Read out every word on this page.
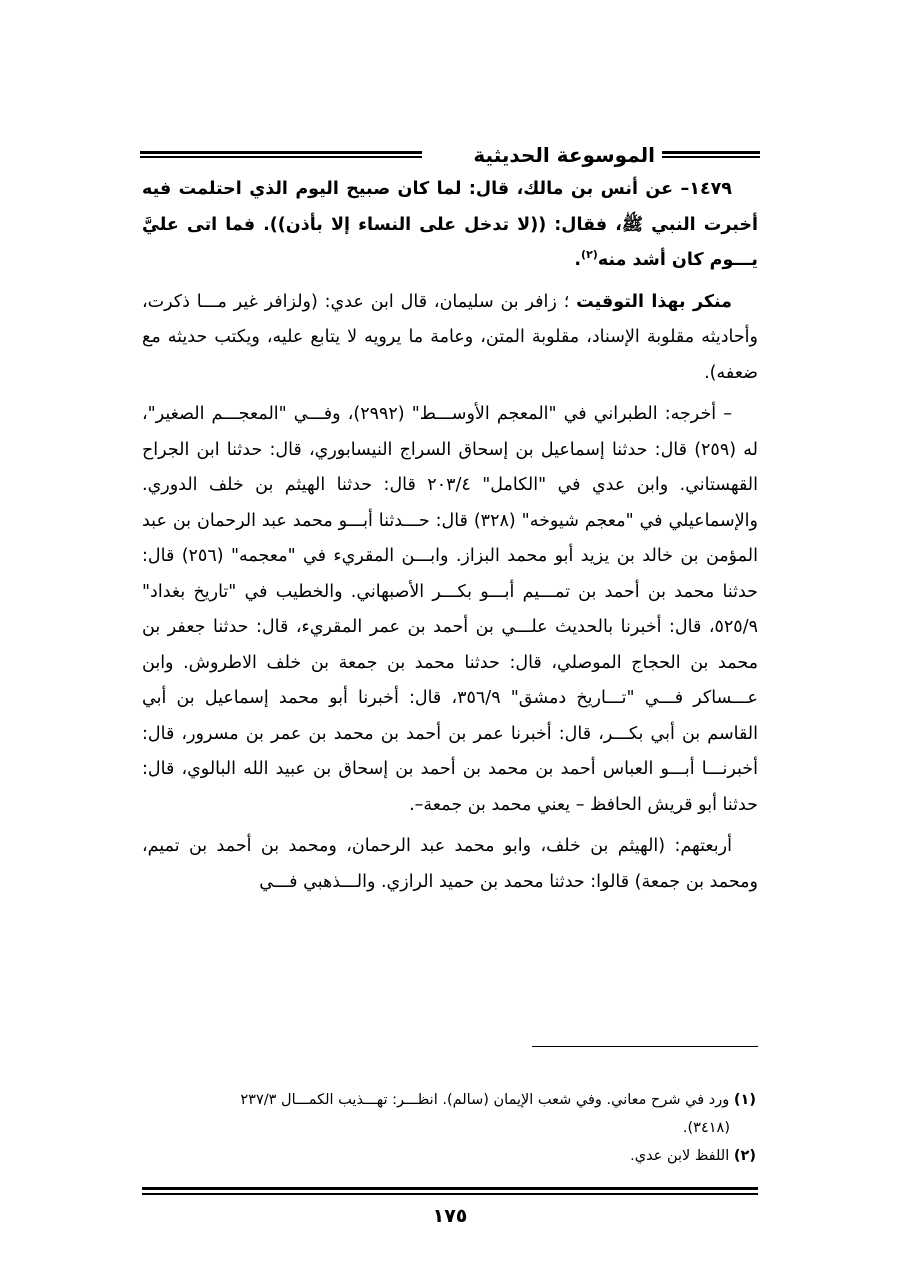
الموسوعة الحديثية

١٤٧٩– عن أنس بن مالك، قال: لما كان صبيح اليوم الذي احتلمت فيه أخبرت النبي ﷺ، فقال: ((لا تدخل على النساء إلا بأذن)). فما اتى عليَّ يـــوم كان أشد منه$^{(٢)}$.

منكر بهذا التوقيت ؛ زافر بن سليمان، قال ابن عدي: (ولزافر غير مـــا ذكرت، وأحاديثه مقلوبة الإسناد، مقلوبة المتن، وعامة ما يرويه لا يتابع عليه، ويكتب حديثه مع ضعفه).

– أخرجه: الطبراني في "المعجم الأوســـط" (٢٩٩٢)، وفـــي "المعجـــم الصغير"، له (٢٥٩) قال: حدثنا إسماعيل بن إسحاق السراج النيسابوري، قال: حدثنا ابن الجراح القهستاني. وابن عدي في "الكامل" ٢٠٣/٤ قال: حدثنا الهيثم بن خلف الدوري. والإسماعيلي في "معجم شيوخه" (٣٢٨) قال: حـــدثنا أبـــو محمد عبد الرحمان بن عبد المؤمن بن خالد بن يزيد أبو محمد البزاز. وابـــن المقريء في "معجمه" (٢٥٦) قال: حدثنا محمد بن أحمد بن تمـــيم أبـــو بكـــر الأصبهاني. والخطيب في "تاريخ بغداد" ٥٢٥/٩، قال: أخبرنا بالحديث علـــي بن أحمد بن عمر المقريء، قال: حدثنا جعفر بن محمد بن الحجاج الموصلي، قال: حدثنا محمد بن جمعة بن خلف الاطروش. وابن عـــساكر فـــي "تـــاريخ دمشق" ٣٥٦/٩، قال: أخبرنا أبو محمد إسماعيل بن أبي القاسم بن أبي بكـــر، قال: أخبرنا عمر بن أحمد بن محمد بن عمر بن مسرور، قال: أخبرنـــا أبـــو العباس أحمد بن محمد بن أحمد بن إسحاق بن عبيد الله البالوي، قال: حدثنا أبو قريش الحافظ – يعني محمد بن جمعة–.

أربعتهم: (الهيثم بن خلف، وابو محمد عبد الرحمان، ومحمد بن أحمد بن تميم، ومحمد بن جمعة) قالوا: حدثنا محمد بن حميد الرازي. والـــذهبي فـــي

(١) ورد في شرح معاني. وفي شعب الإيمان (سالم). انظـــر: تهـــذيب الكمـــال ٢٣٧/٣

(٣٤١٨).

(٢) اللفظ لابن عدي.

١٧٥
